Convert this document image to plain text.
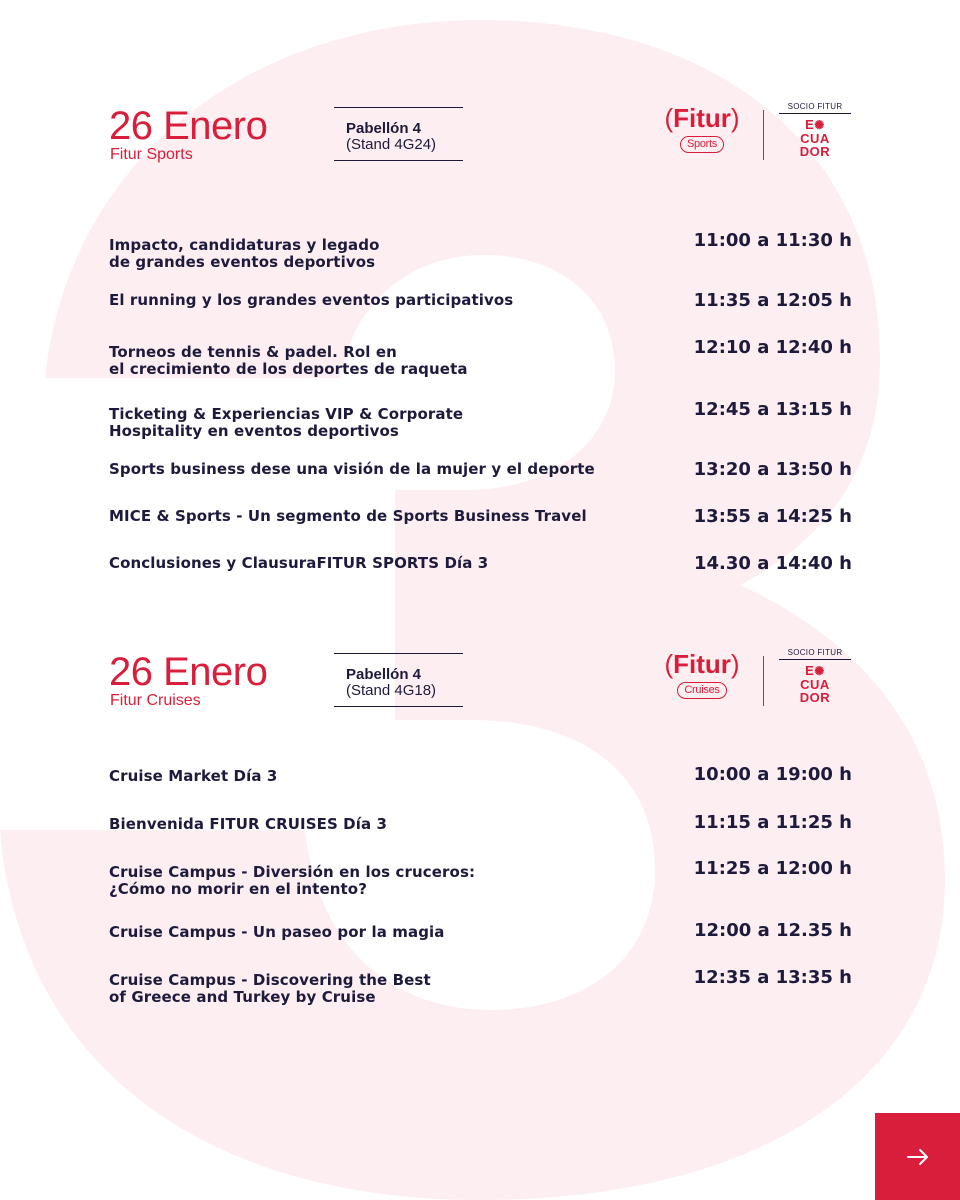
26 Enero
Fitur Sports
Pabellón 4
(Stand 4G24)
(Fitur)
Sports
SOCIO FITUR
E✺
CUA
DOR
Impacto, candidaturas y legado
de grandes eventos deportivos
11:00 a 11:30 h
El running y los grandes eventos participativos	11:35 a 12:05 h
Torneos de tennis & padel. Rol en
el crecimiento de los deportes de raqueta
12:10 a 12:40 h
Ticketing & Experiencias VIP & Corporate
Hospitality en eventos deportivos
12:45 a 13:15 h
Sports business dese una visión de la mujer y el deporte	13:20 a 13:50 h
MICE & Sports - Un segmento de Sports Business Travel	13:55 a 14:25 h
Conclusiones y ClausuraFITUR SPORTS Día 3	14.30 a 14:40 h
26 Enero
Fitur Cruises
Pabellón 4
(Stand 4G18)
(Fitur)
Cruises
SOCIO FITUR
E✺
CUA
DOR
Cruise Market Día 3	10:00 a 19:00 h
Bienvenida FITUR CRUISES Día 3	11:15 a 11:25 h
Cruise Campus - Diversión en los cruceros:
¿Cómo no morir en el intento?
11:25 a 12:00 h
Cruise Campus - Un paseo por la magia	12:00 a 12.35 h
Cruise Campus - Discovering the Best
of Greece and Turkey by Cruise
12:35 a 13:35 h
